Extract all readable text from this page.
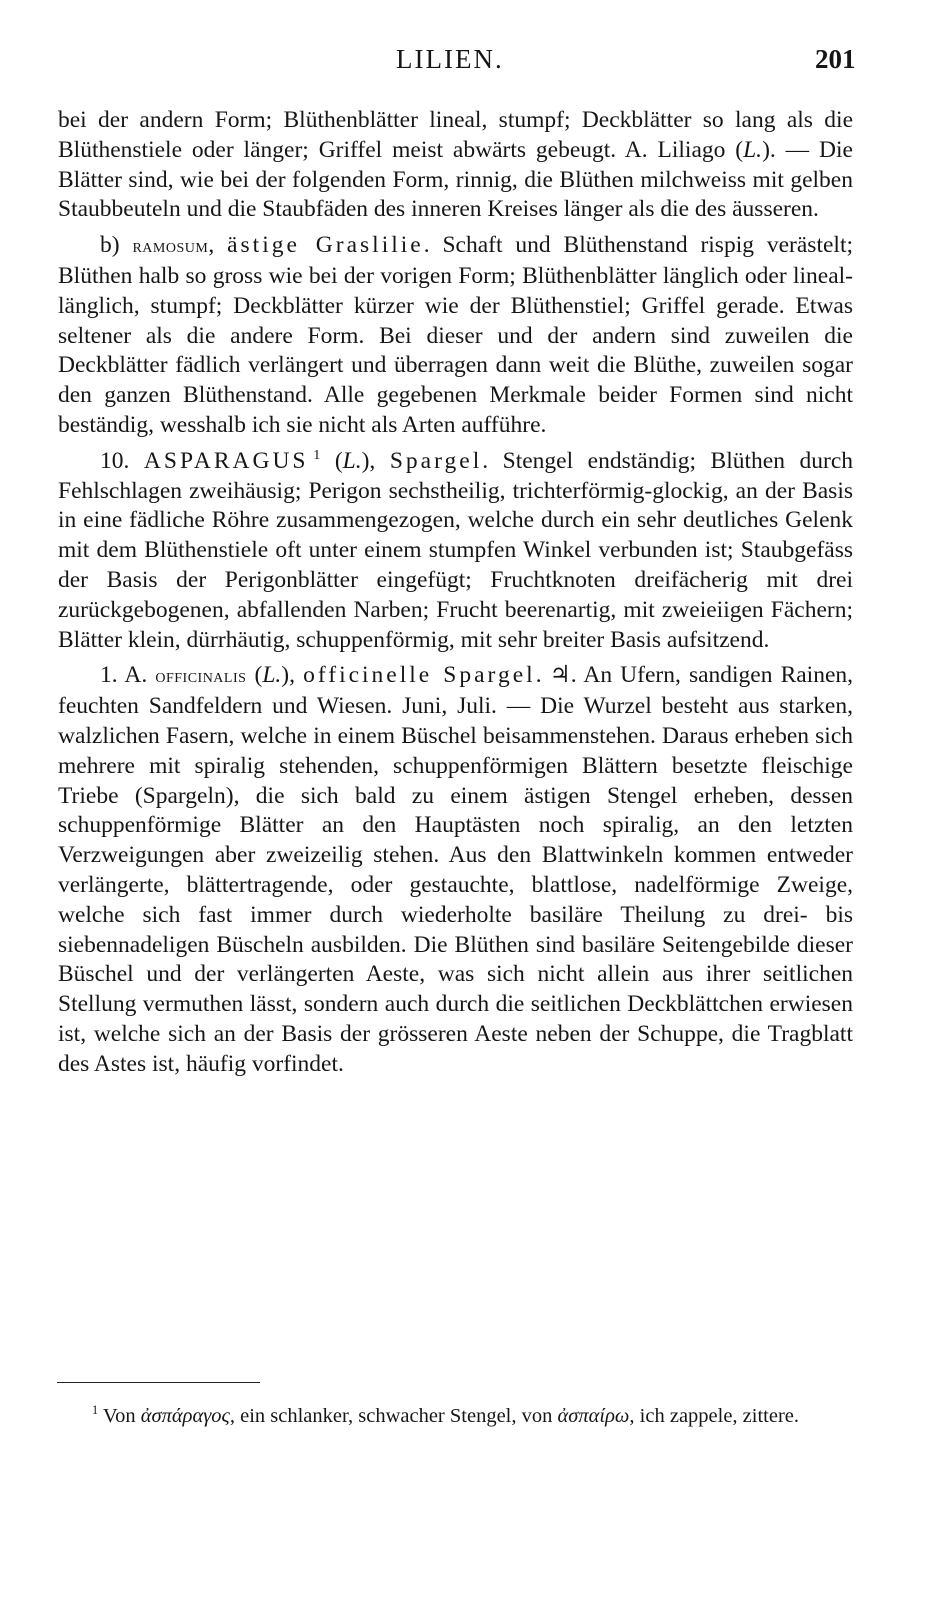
LILIEN.	201

bei der andern Form; Blüthenblätter lineal, stumpf; Deckblätter so lang als die Blüthenstiele oder länger; Griffel meist abwärts gebeugt. A. Liliago (L.). — Die Blätter sind, wie bei der folgenden Form, rinnig, die Blüthen milchweiss mit gelben Staubbeuteln und die Staubfäden des inneren Kreises länger als die des äusseren.

b) ramosum, ästige Graslilie. Schaft und Blüthenstand rispig verästelt; Blüthen halb so gross wie bei der vorigen Form; Blüthenblätter länglich oder lineal-länglich, stumpf; Deckblätter kürzer wie der Blüthenstiel; Griffel gerade. Etwas seltener als die andere Form. Bei dieser und der andern sind zuweilen die Deckblätter fädlich verlängert und überragen dann weit die Blüthe, zuweilen sogar den ganzen Blüthenstand. Alle gegebenen Merkmale beider Formen sind nicht beständig, wesshalb ich sie nicht als Arten aufführe.

10. ASPARAGUS  $^1$ (L.), Spargel. Stengel endständig; Blüthen durch Fehlschlagen zweihäusig; Perigon sechstheilig, trichterförmig-glockig, an der Basis in eine fädliche Röhre zusammengezogen, welche durch ein sehr deutliches Gelenk mit dem Blüthenstiele oft unter einem stumpfen Winkel verbunden ist; Staubgefäss der Basis der Perigonblätter eingefügt; Fruchtknoten dreifächerig mit drei zurückgebogenen, abfallenden Narben; Frucht beerenartig, mit zweieiigen Fächern; Blätter klein, dürrhäutig, schuppenförmig, mit sehr breiter Basis aufsitzend.

1. A. officinalis (L.), officinelle Spargel. ♃. An Ufern, sandigen Rainen, feuchten Sandfeldern und Wiesen. Juni, Juli. — Die Wurzel besteht aus starken, walzlichen Fasern, welche in einem Büschel beisammenstehen. Daraus erheben sich mehrere mit spiralig stehenden, schuppenförmigen Blättern besetzte fleischige Triebe (Spargeln), die sich bald zu einem ästigen Stengel erheben, dessen schuppenförmige Blätter an den Hauptästen noch spiralig, an den letzten Verzweigungen aber zweizeilig stehen. Aus den Blattwinkeln kommen entweder verlängerte, blättertragende, oder gestauchte, blattlose, nadelförmige Zweige, welche sich fast immer durch wiederholte basiläre Theilung zu drei- bis siebennadeligen Büscheln ausbilden. Die Blüthen sind basiläre Seitengebilde dieser Büschel und der verlängerten Aeste, was sich nicht allein aus ihrer seitlichen Stellung vermuthen lässt, sondern auch durch die seitlichen Deckblättchen erwiesen ist, welche sich an der Basis der grösseren Aeste neben der Schuppe, die Tragblatt des Astes ist, häufig vorfindet.

$^1$ Von ἀσπάραγος, ein schlanker, schwacher Stengel, von ἀσπαίρω, ich zappele, zittere.
